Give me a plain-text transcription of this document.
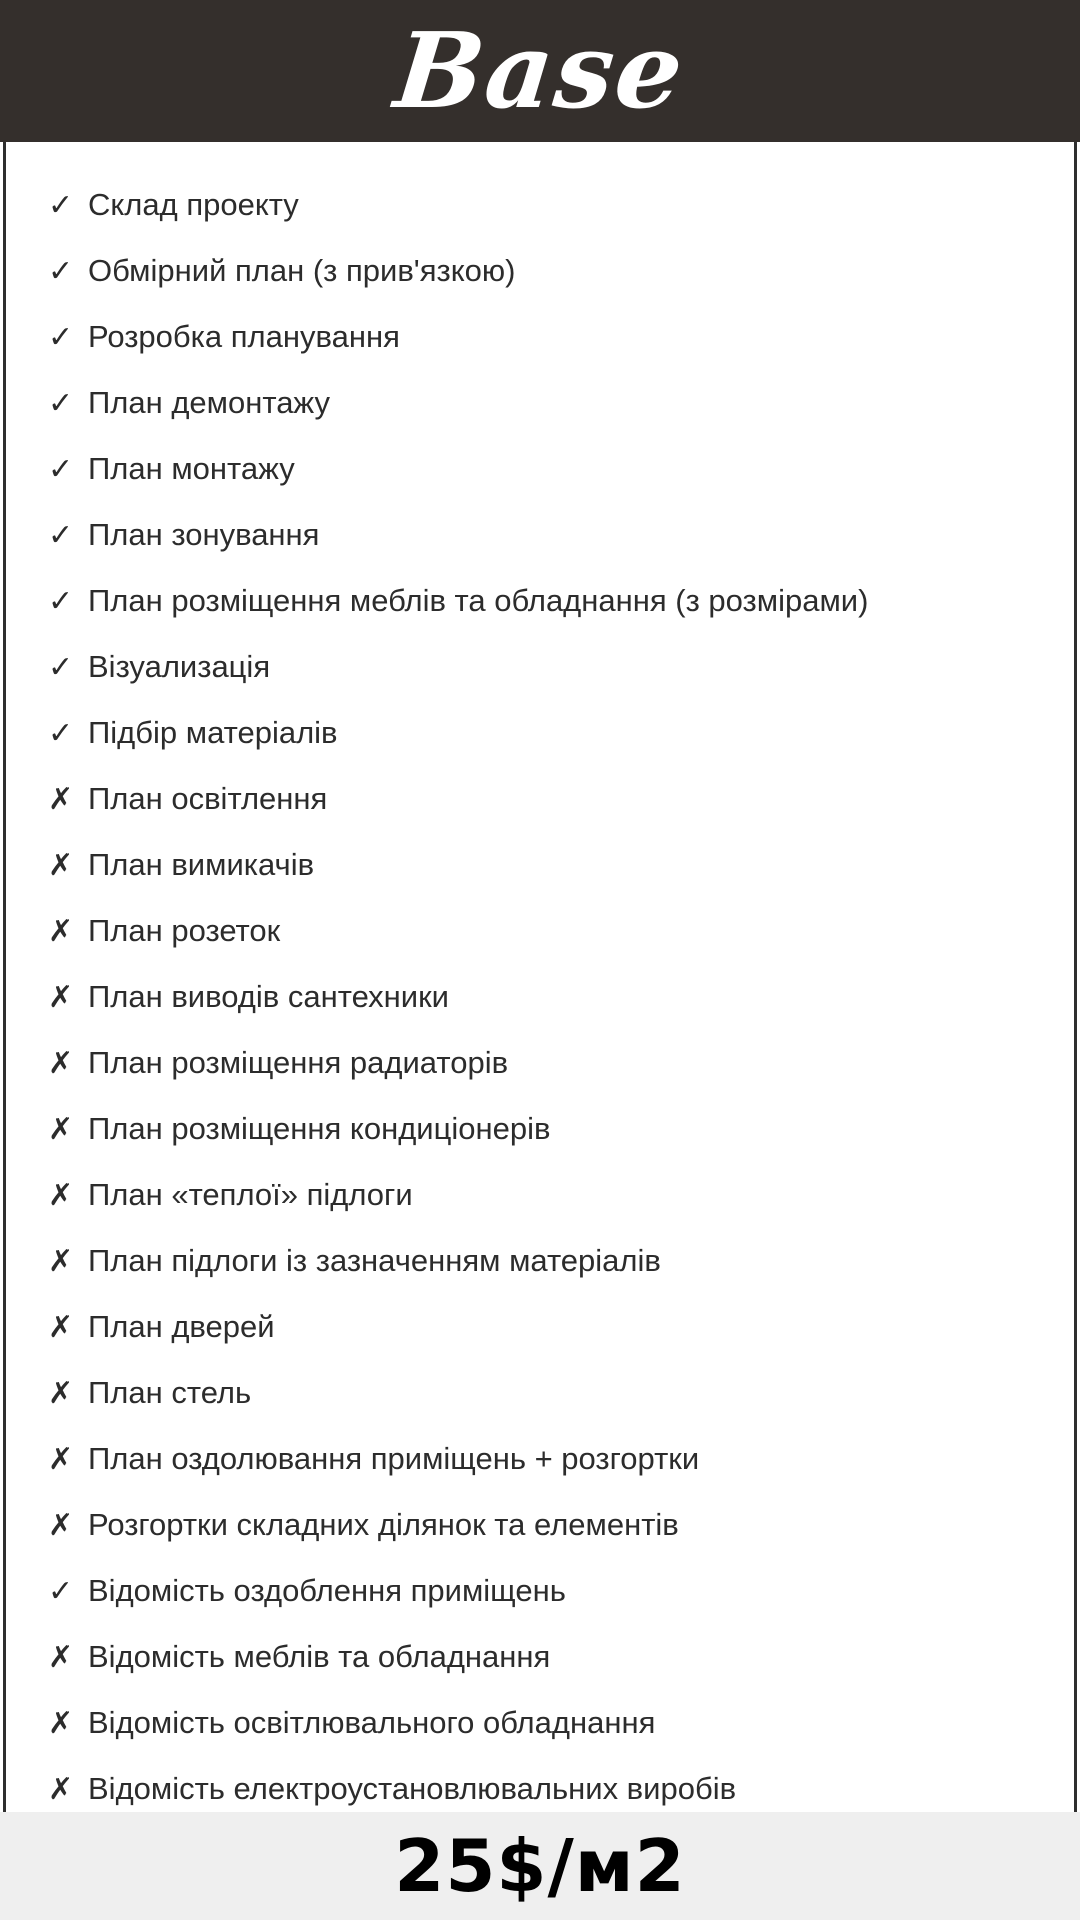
Base
✓ Склад проекту
✓ Обмірний план (з прив'язкою)
✓ Розробка планування
✓ План демонтажу
✓ План монтажу
✓ План зонування
✓ План розміщення меблів та обладнання (з розмірами)
✓ Візуализація
✓ Підбір матеріалів
✗ План освітлення
✗ План вимикачів
✗ План розеток
✗ План виводів сантехники
✗ План розміщення радиаторів
✗ План розміщення кондиціонерів
✗ План «теплої» підлоги
✗ План підлоги із зазначенням матеріалів
✗ План дверей
✗ План стель
✗ План оздолювання приміщень + розгортки
✗ Розгортки складних ділянок та елементів
✓ Відомість оздоблення приміщень
✗ Відомість меблів та обладнання
✗ Відомість освітлювального обладнання
✗ Відомість електроустановлювальних виробів
25$/м2
